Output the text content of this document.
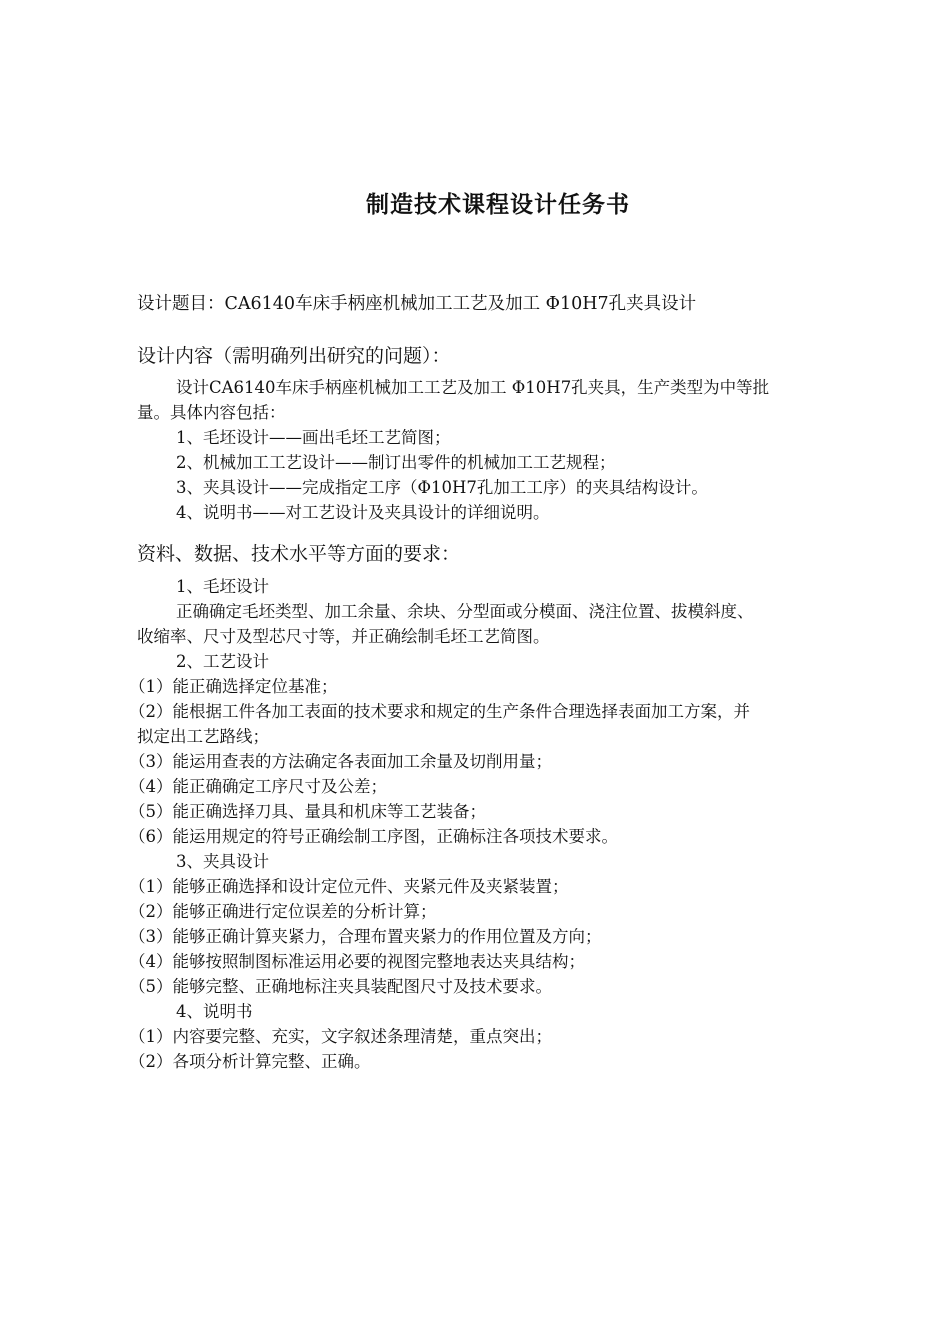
制造技术课程设计任务书
设计题目：CA6140车床手柄座机械加工工艺及加工 Φ10H7孔夹具设计
设计内容（需明确列出研究的问题）：
设计CA6140车床手柄座机械加工工艺及加工 Φ10H7孔夹具，生产类型为中等批
量。具体内容包括：
1、毛坯设计——画出毛坯工艺简图；
2、机械加工工艺设计——制订出零件的机械加工工艺规程；
3、夹具设计——完成指定工序（Φ10H7孔加工工序）的夹具结构设计。
4、说明书——对工艺设计及夹具设计的详细说明。
资料、数据、技术水平等方面的要求：
1、毛坯设计
正确确定毛坯类型、加工余量、余块、分型面或分模面、浇注位置、拔模斜度、
收缩率、尺寸及型芯尺寸等，并正确绘制毛坯工艺简图。
2、工艺设计
（1）能正确选择定位基准；
（2）能根据工件各加工表面的技术要求和规定的生产条件合理选择表面加工方案，并
拟定出工艺路线；
（3）能运用查表的方法确定各表面加工余量及切削用量；
（4）能正确确定工序尺寸及公差；
（5）能正确选择刀具、量具和机床等工艺装备；
（6）能运用规定的符号正确绘制工序图，正确标注各项技术要求。
3、夹具设计
（1）能够正确选择和设计定位元件、夹紧元件及夹紧装置；
（2）能够正确进行定位误差的分析计算；
（3）能够正确计算夹紧力，合理布置夹紧力的作用位置及方向；
（4）能够按照制图标准运用必要的视图完整地表达夹具结构；
（5）能够完整、正确地标注夹具装配图尺寸及技术要求。
4、说明书
（1）内容要完整、充实，文字叙述条理清楚，重点突出；
（2）各项分析计算完整、正确。
